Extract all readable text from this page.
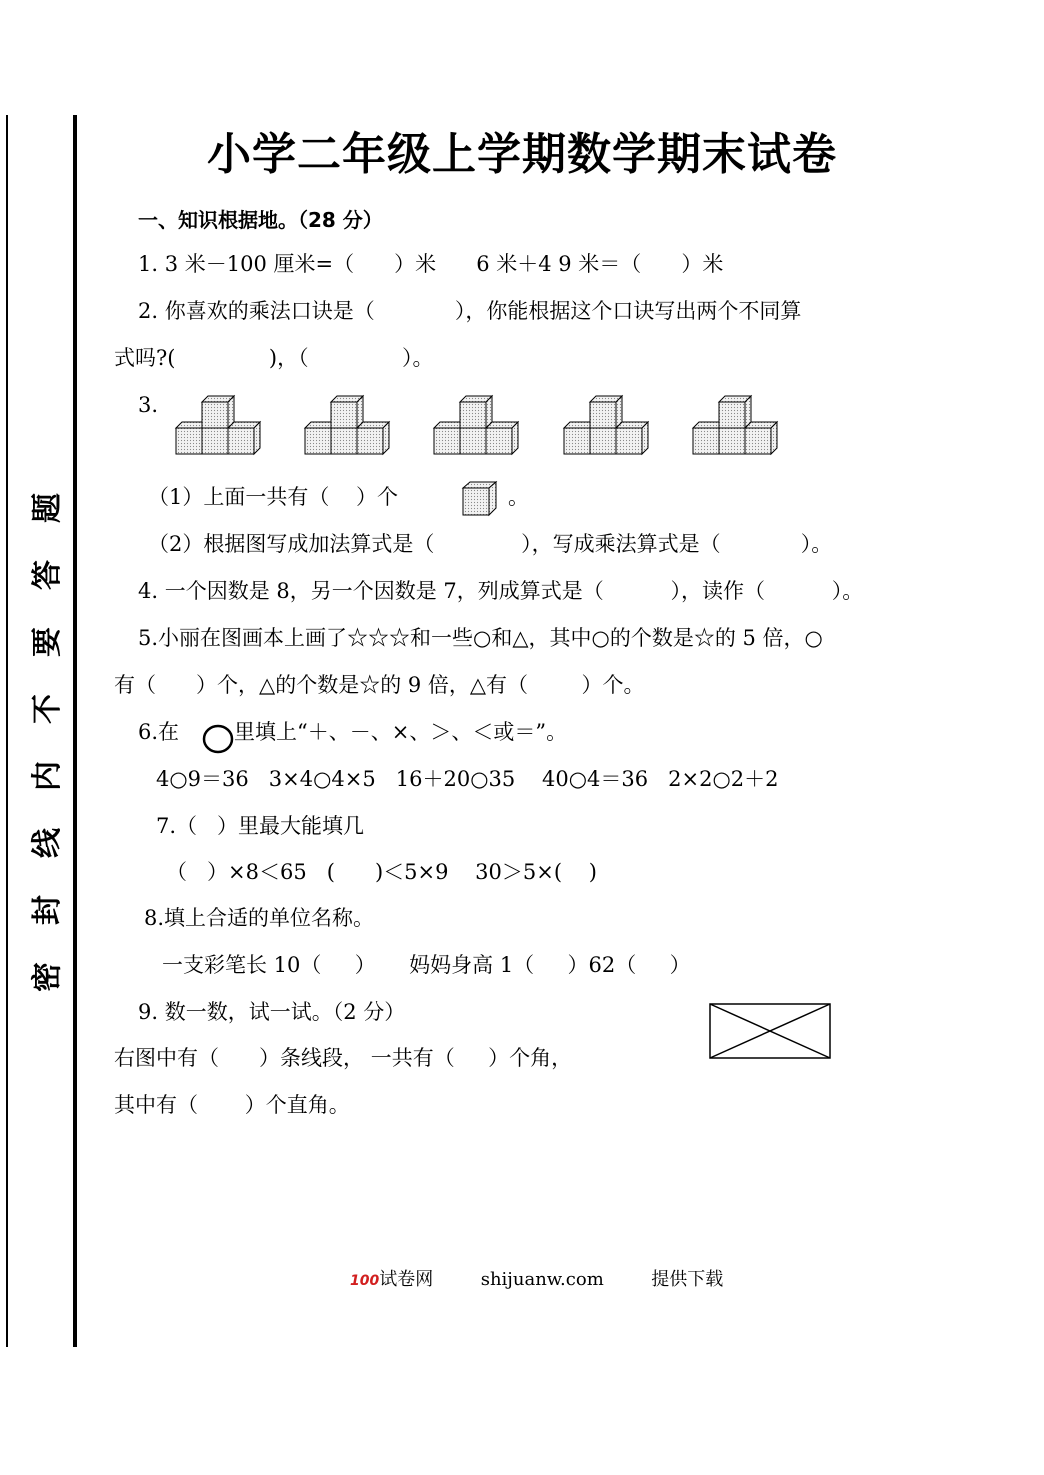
题
答
要
不
内
线
封
密
小学二年级上学期数学期末试卷
一、知识根据地。（28 分）
1. 3 米－100 厘米=（      ）米      6 米＋4 9 米＝（      ）米
2. 你喜欢的乘法口诀是（            ），你能根据这个口诀写出两个不同算
式吗?(              )，（              ）。
3.
（1）上面一共有（    ）个	。
（2）根据图写成加法算式是（             ），写成乘法算式是（            ）。
4. 一个因数是 8，另一个因数是 7，列成算式是（          ），读作（          ）。
5.小丽在图画本上画了☆☆☆和一些○和△，其中○的个数是☆的 5 倍，○
有（      ）个，△的个数是☆的 9 倍，△有（        ）个。
6.在	里填上“＋、－、×、＞、＜或＝”。
4○9＝36   3×4○4×5   16＋20○35    40○4＝36   2×2○2＋2
7.（   ）里最大能填几
（   ）×8＜65   (      )＜5×9    30＞5×(    )
8.填上合适的单位名称。
一支彩笔长 10（     ）     妈妈身高 1（     ）62（     ）
9. 数一数，试一试。（2 分）
右图中有（      ）条线段， 一共有（     ）个角，
其中有（       ）个直角。
100试卷网	shijuanw.com	提供下载
